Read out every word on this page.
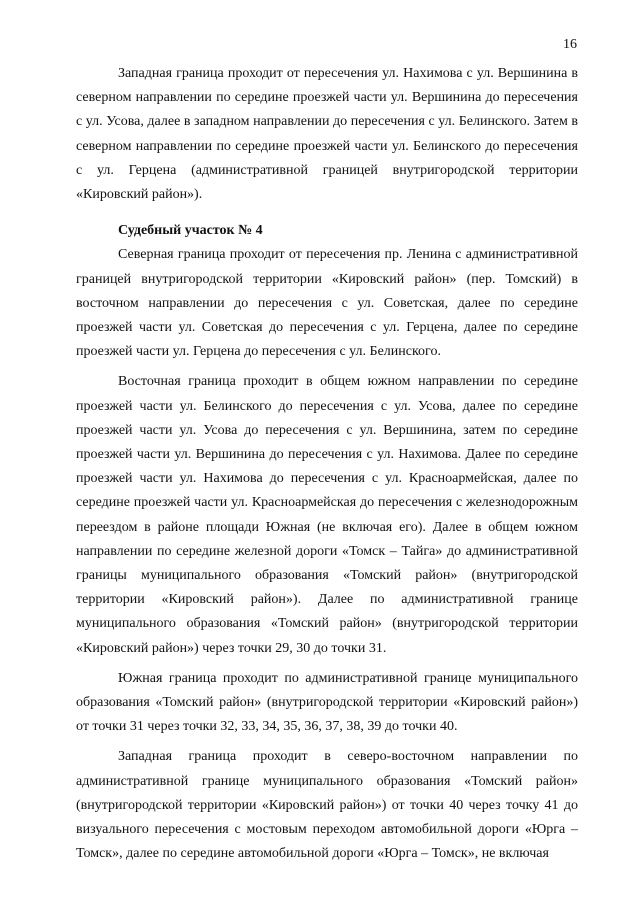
16

Западная граница проходит от пересечения ул. Нахимова с ул. Вершинина в северном направлении по середине проезжей части ул. Вершинина до пересечения с ул. Усова, далее в западном направлении до пересечения с ул. Белинского. Затем в северном направлении по середине проезжей части ул. Белинского до пересечения с ул. Герцена (административной границей внутригородской территории «Кировский район»).

Судебный участок № 4

Северная граница проходит от пересечения пр. Ленина с административной границей внутригородской территории «Кировский район» (пер. Томский) в восточном направлении до пересечения с ул. Советская, далее по середине проезжей части ул. Советская до пересечения с ул. Герцена, далее по середине проезжей части ул. Герцена до пересечения с ул. Белинского.

Восточная граница проходит в общем южном направлении по середине проезжей части ул. Белинского до пересечения с ул. Усова, далее по середине проезжей части ул. Усова до пересечения с ул. Вершинина, затем по середине проезжей части ул. Вершинина до пересечения с ул. Нахимова. Далее по середине проезжей части ул. Нахимова до пересечения с ул. Красноармейская, далее по середине проезжей части ул. Красноармейская до пересечения с железнодорожным переездом в районе площади Южная (не включая его). Далее в общем южном направлении по середине железной дороги «Томск – Тайга» до административной границы муниципального образования «Томский район» (внутригородской территории «Кировский район»). Далее по административной границе муниципального образования «Томский район» (внутригородской территории «Кировский район») через точки 29, 30 до точки 31.

Южная граница проходит по административной границе муниципального образования «Томский район» (внутригородской территории «Кировский район») от точки 31 через точки 32, 33, 34, 35, 36, 37, 38, 39 до точки 40.

Западная граница проходит в северо-восточном направлении по административной границе муниципального образования «Томский район» (внутригородской территории «Кировский район») от точки 40 через точку 41 до визуального пересечения с мостовым переходом автомобильной дороги «Юрга – Томск», далее по середине автомобильной дороги «Юрга – Томск», не включая
